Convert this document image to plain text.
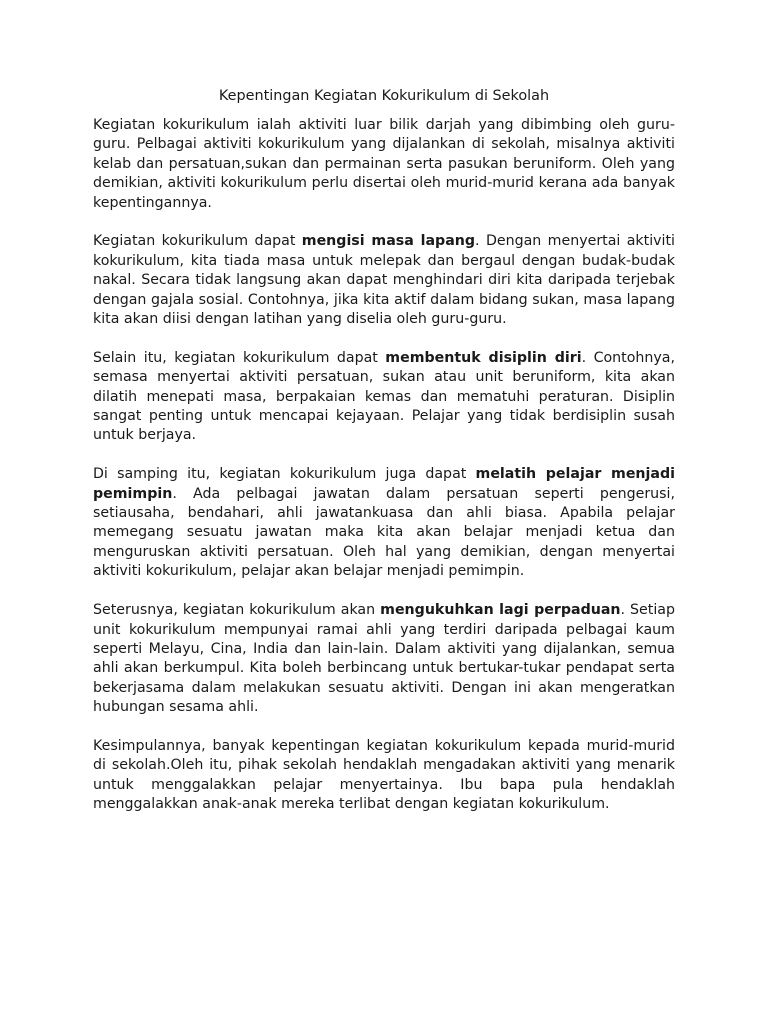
Kepentingan Kegiatan Kokurikulum di Sekolah

Kegiatan kokurikulum ialah aktiviti luar bilik darjah yang dibimbing oleh guru-guru. Pelbagai aktiviti kokurikulum yang dijalankan di sekolah, misalnya aktiviti kelab dan persatuan,sukan dan permainan serta pasukan beruniform. Oleh yang demikian, aktiviti kokurikulum perlu disertai oleh murid-murid kerana ada banyak kepentingannya.

Kegiatan kokurikulum dapat mengisi masa lapang. Dengan menyertai aktiviti kokurikulum, kita tiada masa untuk melepak dan bergaul dengan budak-budak nakal. Secara tidak langsung akan dapat menghindari diri kita daripada terjebak dengan gajala sosial. Contohnya, jika kita aktif dalam bidang sukan, masa lapang kita akan diisi dengan latihan yang diselia oleh guru-guru.

Selain itu, kegiatan kokurikulum dapat membentuk disiplin diri. Contohnya, semasa menyertai aktiviti persatuan, sukan atau unit beruniform, kita akan dilatih menepati masa, berpakaian kemas dan mematuhi peraturan. Disiplin sangat penting untuk mencapai kejayaan. Pelajar yang tidak berdisiplin susah untuk berjaya.

Di samping itu, kegiatan kokurikulum juga dapat melatih pelajar menjadi pemimpin. Ada pelbagai jawatan dalam persatuan seperti pengerusi, setiausaha, bendahari, ahli jawatankuasa dan ahli biasa. Apabila pelajar memegang sesuatu jawatan maka kita akan belajar menjadi ketua dan menguruskan aktiviti persatuan. Oleh hal yang demikian, dengan menyertai aktiviti kokurikulum, pelajar akan belajar menjadi pemimpin.

Seterusnya, kegiatan kokurikulum akan mengukuhkan lagi perpaduan. Setiap unit kokurikulum mempunyai ramai ahli yang terdiri daripada pelbagai kaum seperti Melayu, Cina, India dan lain-lain. Dalam aktiviti yang dijalankan, semua ahli akan berkumpul. Kita boleh berbincang untuk bertukar-tukar pendapat serta bekerjasama dalam melakukan sesuatu aktiviti. Dengan ini akan mengeratkan hubungan sesama ahli.

Kesimpulannya, banyak kepentingan kegiatan kokurikulum kepada murid-murid di sekolah.Oleh itu, pihak sekolah hendaklah mengadakan aktiviti yang menarik untuk menggalakkan pelajar menyertainya. Ibu bapa pula hendaklah menggalakkan anak-anak mereka terlibat dengan kegiatan kokurikulum.
